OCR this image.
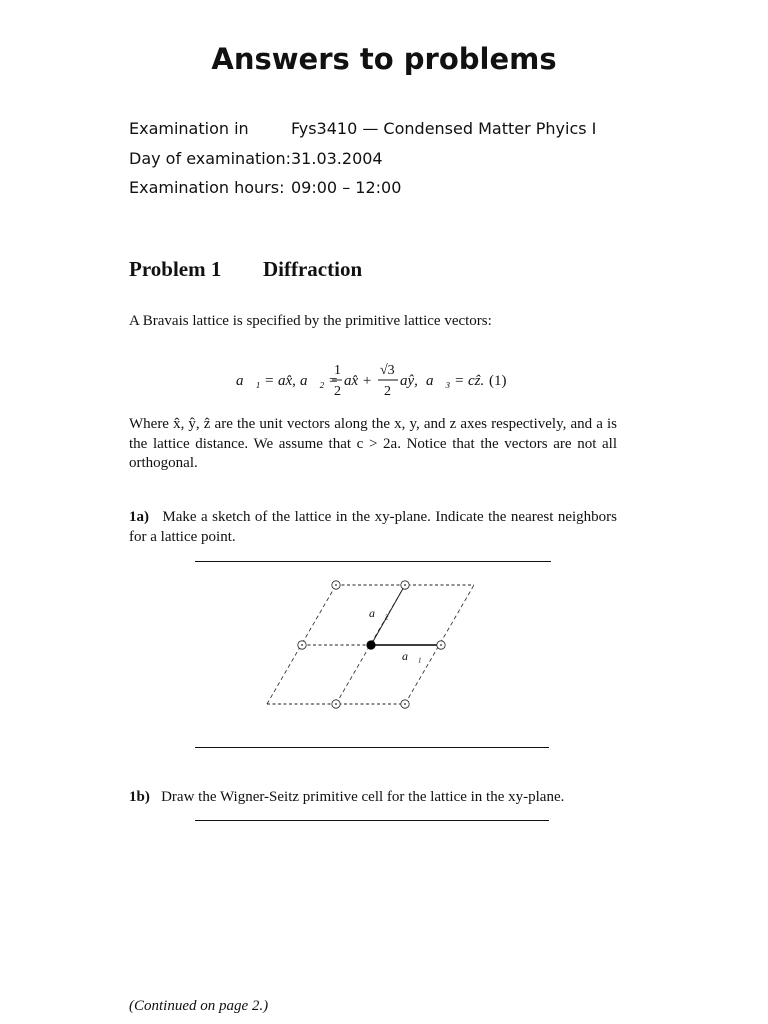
Answers to problems
Examination in	Fys3410 — Condensed Matter Phyics I
Day of examination: 31.03.2004
Examination hours: 09:00 – 12:00
Problem 1 Diffraction
A Bravais lattice is specified by the primitive lattice vectors:
a⃗₁ = ax̂, a⃗₂ =
1
2
ax̂ +
√3
2
aŷ, a⃗₃ = cẑ. (1)
Where x̂, ŷ, ẑ are the unit vectors along the x, y, and z axes respectively, and a is the lattice distance. We assume that c > 2a. Notice that the vectors are not all orthogonal.
1a) Make a sketch of the lattice in the xy-plane. Indicate the nearest neighbors for a lattice point.
a⃗₂
a⃗₁
1b) Draw the Wigner-Seitz primitive cell for the lattice in the xy-plane.
(Continued on page 2.)
